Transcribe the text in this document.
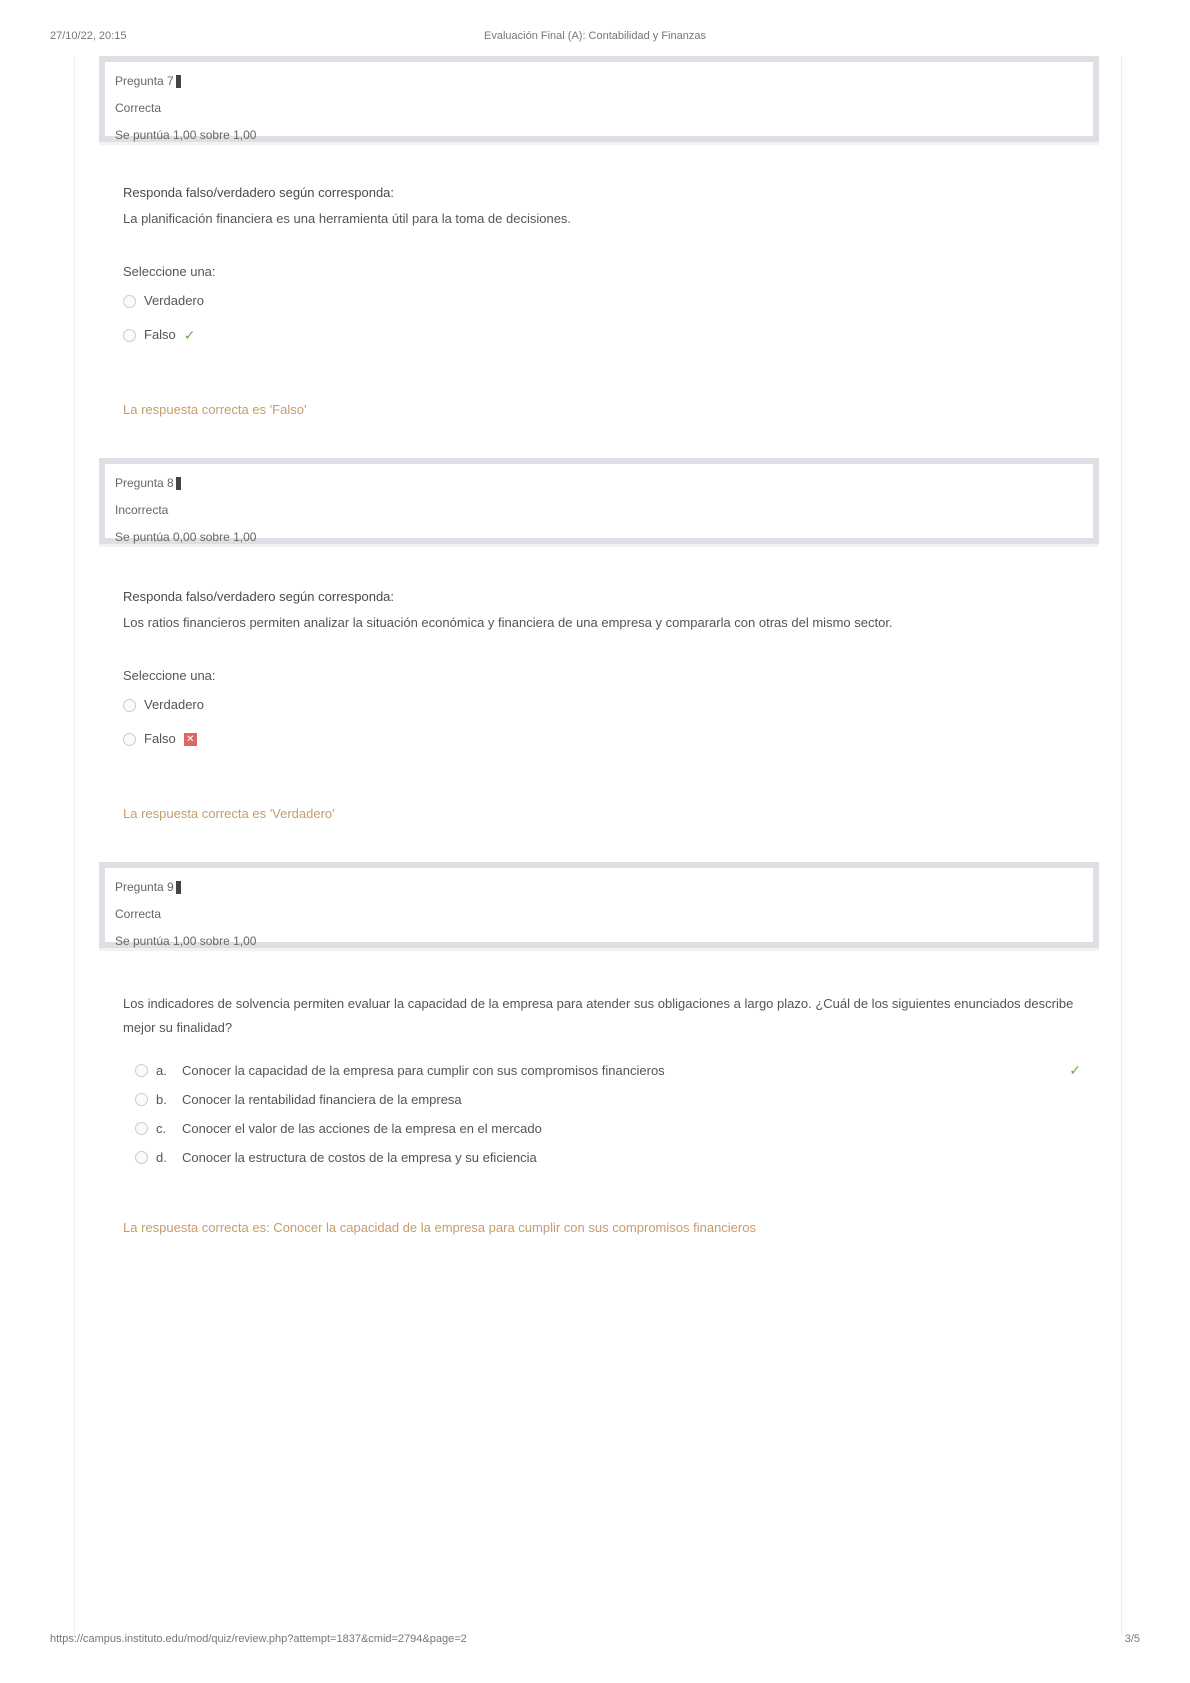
27/10/22, 20:15	Evaluación Final (A): Contabilidad y Finanzas
Pregunta 7
Correcta
Se puntúa 1,00 sobre 1,00

Responda falso/verdadero según corresponda:

La planificación financiera es una herramienta útil para la toma de decisiones.

Seleccione una:
Verdadero
Falso ✓
La respuesta correcta es 'Falso'
Pregunta 8
Incorrecta
Se puntúa 0,00 sobre 1,00

Responda falso/verdadero según corresponda:

Los ratios financieros permiten analizar la situación económica y financiera de una empresa y compararla con otras del mismo sector.

Seleccione una:
Verdadero
Falso ✕
La respuesta correcta es 'Verdadero'
Pregunta 9
Correcta
Se puntúa 1,00 sobre 1,00

Los indicadores de solvencia permiten evaluar la capacidad de la empresa para atender sus obligaciones a largo plazo. ¿Cuál de los siguientes enunciados describe mejor su finalidad?

a.	Conocer la capacidad de la empresa para cumplir con sus compromisos financieros	✓
b.	Conocer la rentabilidad financiera de la empresa
c.	Conocer el valor de las acciones de la empresa en el mercado
d.	Conocer la estructura de costos de la empresa y su eficiencia
La respuesta correcta es: Conocer la capacidad de la empresa para cumplir con sus compromisos financieros
https://campus.instituto.edu/mod/quiz/review.php?attempt=1837&cmid=2794&page=2	3/5
